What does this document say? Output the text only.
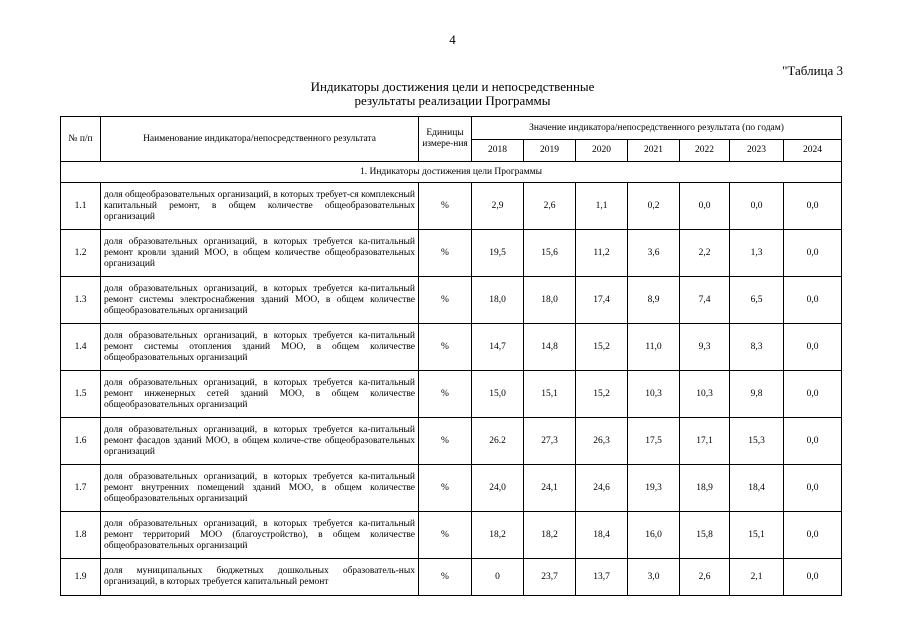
4
"Таблица 3
Индикаторы достижения цели и непосредственные
результаты реализации Программы
№ п/п	Наименование индикатора/непосредственного результата	Единицы измере-ния	Значение индикатора/непосредственного результата (по годам)						
			2018	2019	2020	2021	2022	2023	2024
1. Индикаторы достижения цели Программы									
1.1	доля общеобразовательных организаций, в которых требует-ся комплексный капитальный ремонт, в общем количестве общеобразовательных организаций	%	2,9	2,6	1,1	0,2	0,0	0,0	0,0
1.2	доля образовательных организаций, в которых требуется ка-питальный ремонт кровли зданий МОО, в общем количестве общеобразовательных организаций	%	19,5	15,6	11,2	3,6	2,2	1,3	0,0
1.3	доля образовательных организаций, в которых требуется ка-питальный ремонт системы электроснабжения зданий МОО, в общем количестве общеобразовательных организаций	%	18,0	18,0	17,4	8,9	7,4	6,5	0,0
1.4	доля образовательных организаций, в которых требуется ка-питальный ремонт системы отопления зданий МОО, в общем количестве общеобразовательных организаций	%	14,7	14,8	15,2	11,0	9,3	8,3	0,0
1.5	доля образовательных организаций, в которых требуется ка-питальный ремонт инженерных сетей зданий МОО, в общем количестве общеобразовательных организаций	%	15,0	15,1	15,2	10,3	10,3	9,8	0,0
1.6	доля образовательных организаций, в которых требуется ка-питальный ремонт фасадов зданий МОО, в общем количе-стве общеобразовательных организаций	%	26.2	27,3	26,3	17,5	17,1	15,3	0,0
1.7	доля образовательных организаций, в которых требуется ка-питальный ремонт внутренних помещений зданий МОО, в общем количестве общеобразовательных организаций	%	24,0	24,1	24,6	19,3	18,9	18,4	0,0
1.8	доля образовательных организаций, в которых требуется ка-питальный ремонт территорий МОО (благоустройство), в общем количестве общеобразовательных организаций	%	18,2	18,2	18,4	16,0	15,8	15,1	0,0
1.9	доля муниципальных бюджетных дошкольных образователь-ных организаций, в которых требуется капитальный ремонт	%	0	23,7	13,7	3,0	2,6	2,1	0,0
